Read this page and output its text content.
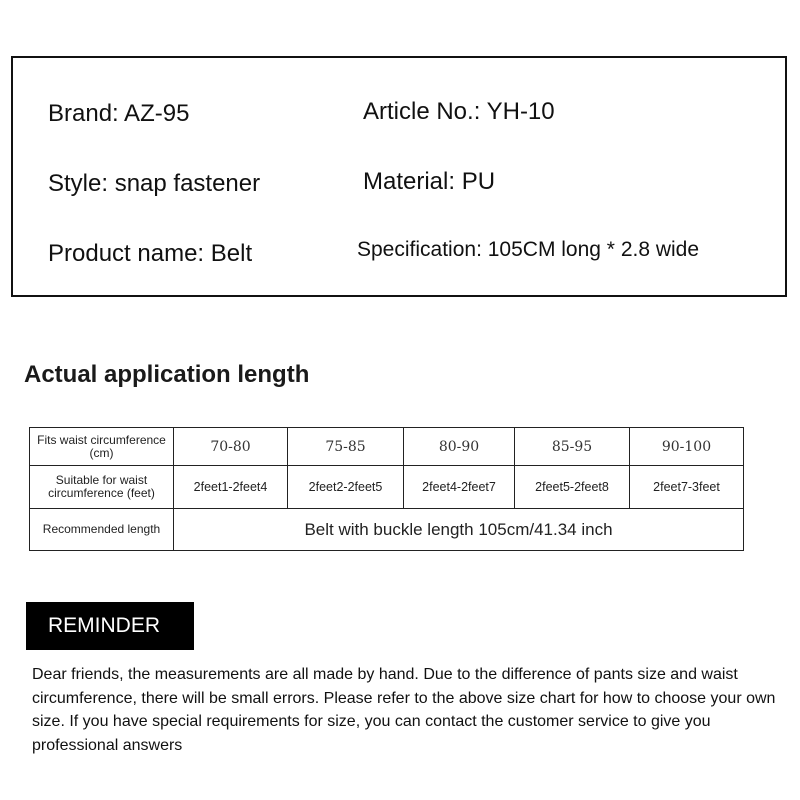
Brand: AZ-95	Article No.: YH-10
Style: snap fastener	Material: PU
Product name: Belt	Specification: 105CM long * 2.8 wide
Actual application length
Fits waist circumference (cm)	70-80	75-85	80-90	85-95	90-100
Suitable for waist circumference (feet)	2feet1-2feet4	2feet2-2feet5	2feet4-2feet7	2feet5-2feet8	2feet7-3feet
Recommended length	Belt with buckle length 105cm/41.34 inch				
REMINDER
Dear friends, the measurements are all made by hand. Due to the difference of pants size and waist circumference, there will be small errors. Please refer to the above size chart for how to choose your own size. If you have special requirements for size, you can contact the customer service to give you professional answers
